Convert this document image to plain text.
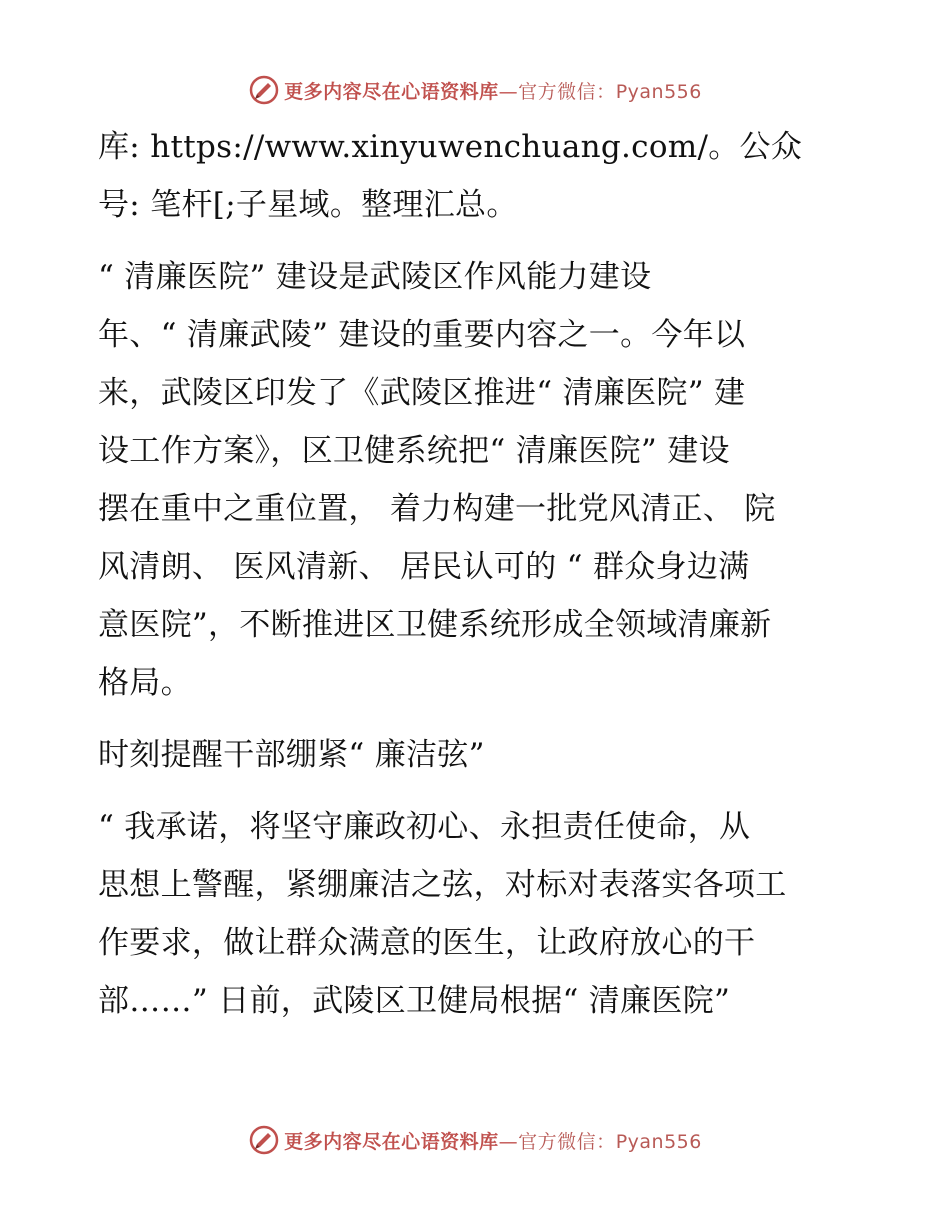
更多内容尽在心语资料库—官方微信：Pyan556
库: https://www.xinyuwenchuang.com/。公众
号: 笔杆[;子星域。整理汇总。
“ 清廉医院” 建设是武陵区作风能力建设
年、“ 清廉武陵” 建设的重要内容之一。今年以
来，武陵区印发了《武陵区推进“ 清廉医院” 建
设工作方案》，区卫健系统把“ 清廉医院” 建设
摆在重中之重位置， 着力构建一批党风清正、 院
风清朗、 医风清新、 居民认可的 “ 群众身边满
意医院”，不断推进区卫健系统形成全领域清廉新
格局。
时刻提醒干部绷紧“ 廉洁弦”
“ 我承诺，将坚守廉政初心、永担责任使命，从
思想上警醒，紧绷廉洁之弦，对标对表落实各项工
作要求，做让群众满意的医生，让政府放心的干
部……” 日前，武陵区卫健局根据“ 清廉医院”
更多内容尽在心语资料库—官方微信：Pyan556
